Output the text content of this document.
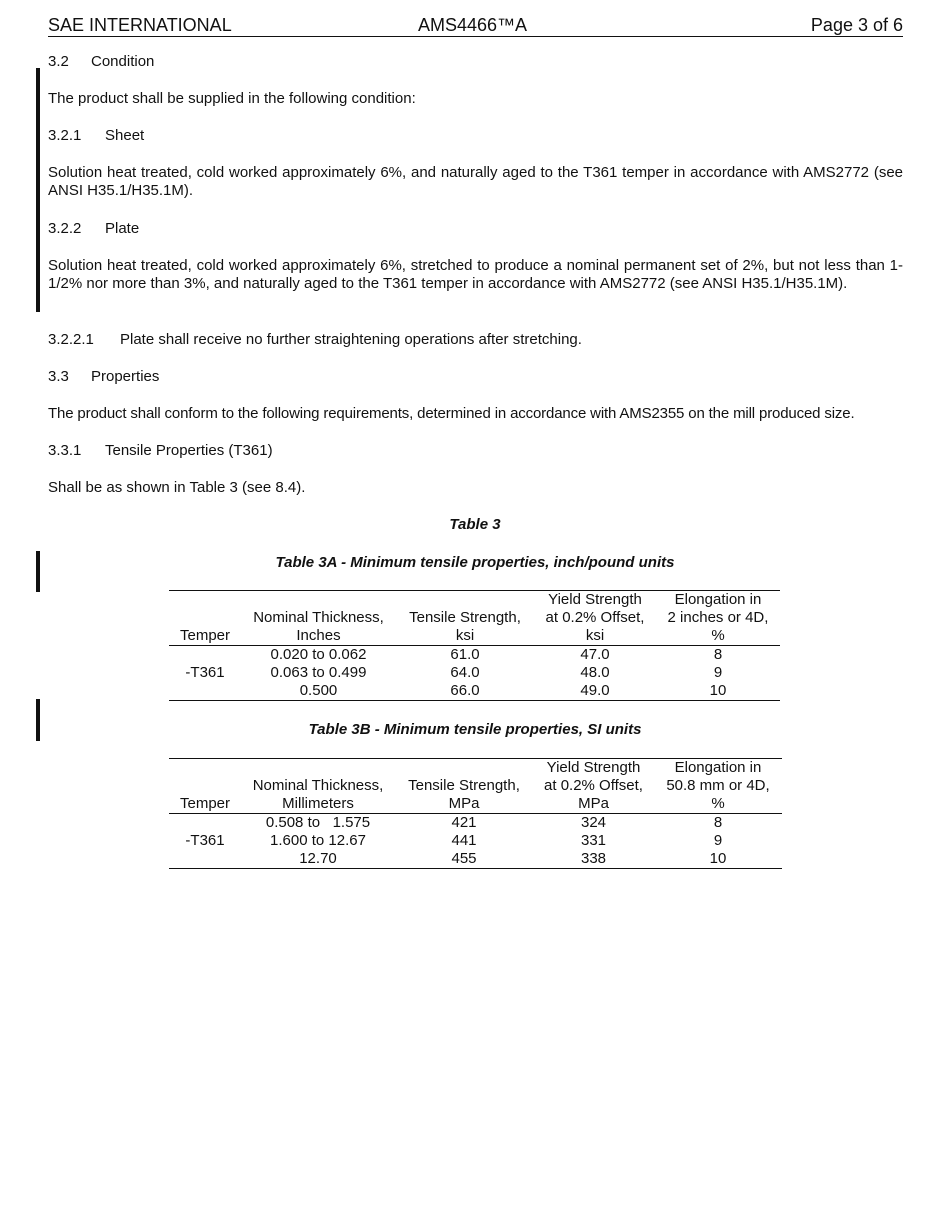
SAE INTERNATIONAL	AMS4466™A	Page 3 of 6
3.2 Condition
The product shall be supplied in the following condition:
3.2.1 Sheet
Solution heat treated, cold worked approximately 6%, and naturally aged to the T361 temper in accordance with AMS2772 (see ANSI H35.1/H35.1M).
3.2.2 Plate
Solution heat treated, cold worked approximately 6%, stretched to produce a nominal permanent set of 2%, but not less than 1-1/2% nor more than 3%, and naturally aged to the T361 temper in accordance with AMS2772 (see ANSI H35.1/H35.1M).
3.2.2.1 Plate shall receive no further straightening operations after stretching.
3.3 Properties
The product shall conform to the following requirements, determined in accordance with AMS2355 on the mill produced size.
3.3.1 Tensile Properties (T361)
Shall be as shown in Table 3 (see 8.4).
Table 3
Table 3A - Minimum tensile properties, inch/pound units
			Yield Strength	Elongation in
	Nominal Thickness,	Tensile Strength,	at 0.2% Offset,	2 inches or 4D,
Temper	Inches	ksi	ksi	%
-T361	0.020 to 0.062	61.0	47.0	8
	0.063 to 0.499	64.0	48.0	9
	0.500	66.0	49.0	10
Table 3B - Minimum tensile properties, SI units
			Yield Strength	Elongation in
	Nominal Thickness,	Tensile Strength,	at 0.2% Offset,	50.8 mm or 4D,
Temper	Millimeters	MPa	MPa	%
-T361	0.508 to   1.575	421	324	8
	1.600 to 12.67	441	331	9
	12.70	455	338	10
